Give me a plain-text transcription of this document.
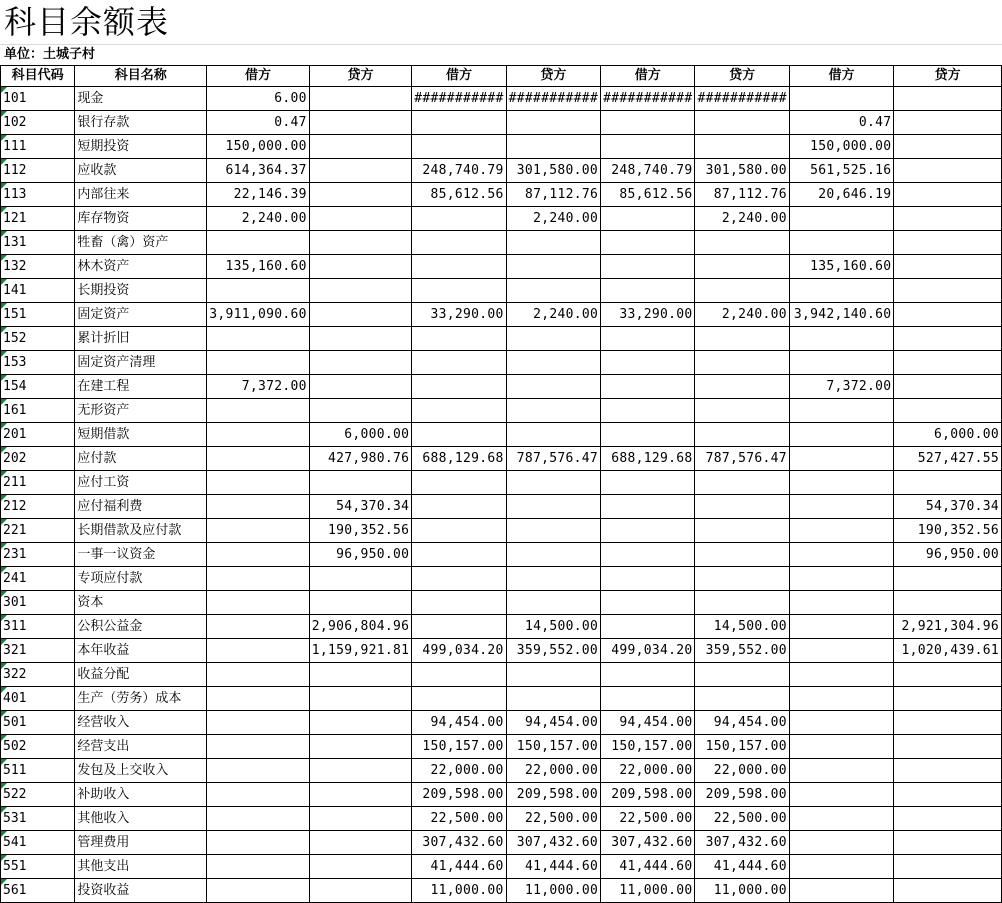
科目余额表
单位：土城子村
科目代码	科目名称	借方	贷方	借方	贷方	借方	贷方	借方	贷方
101	现金	6.00		###########	###########	###########	###########		
102	银行存款	0.47						0.47	
111	短期投资	150,000.00						150,000.00	
112	应收款	614,364.37		248,740.79	301,580.00	248,740.79	301,580.00	561,525.16	
113	内部往来	22,146.39		85,612.56	87,112.76	85,612.56	87,112.76	20,646.19	
121	库存物资	2,240.00			2,240.00		2,240.00		
131	牲畜（禽）资产								
132	林木资产	135,160.60						135,160.60	
141	长期投资								
151	固定资产	3,911,090.60		33,290.00	2,240.00	33,290.00	2,240.00	3,942,140.60	
152	累计折旧								
153	固定资产清理								
154	在建工程	7,372.00						7,372.00	
161	无形资产								
201	短期借款		6,000.00						6,000.00
202	应付款		427,980.76	688,129.68	787,576.47	688,129.68	787,576.47		527,427.55
211	应付工资								
212	应付福利费		54,370.34						54,370.34
221	长期借款及应付款		190,352.56						190,352.56
231	一事一议资金		96,950.00						96,950.00
241	专项应付款								
301	资本								
311	公积公益金		2,906,804.96		14,500.00		14,500.00		2,921,304.96
321	本年收益		1,159,921.81	499,034.20	359,552.00	499,034.20	359,552.00		1,020,439.61
322	收益分配								
401	生产（劳务）成本								
501	经营收入			94,454.00	94,454.00	94,454.00	94,454.00		
502	经营支出			150,157.00	150,157.00	150,157.00	150,157.00		
511	发包及上交收入			22,000.00	22,000.00	22,000.00	22,000.00		
522	补助收入			209,598.00	209,598.00	209,598.00	209,598.00		
531	其他收入			22,500.00	22,500.00	22,500.00	22,500.00		
541	管理费用			307,432.60	307,432.60	307,432.60	307,432.60		
551	其他支出			41,444.60	41,444.60	41,444.60	41,444.60		
561	投资收益			11,000.00	11,000.00	11,000.00	11,000.00		
